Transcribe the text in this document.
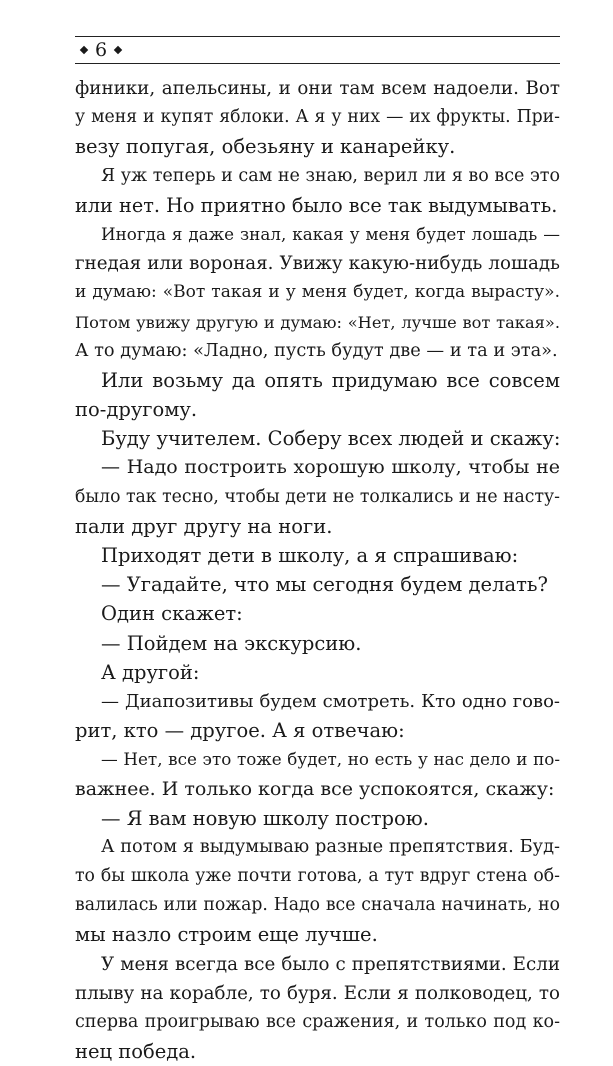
6
финики, апельсины, и они там всем надоели. Вот
у меня и купят яблоки. А я у них — их фрукты. При-
везу попугая, обезьяну и канарейку.
Я уж теперь и сам не знаю, верил ли я во все это
или нет. Но приятно было все так выдумывать.
Иногда я даже знал, какая у меня будет лошадь —
гнедая или вороная. Увижу какую-нибудь лошадь
и думаю: «Вот такая и у меня будет, когда вырасту».
Потом увижу другую и думаю: «Нет, лучше вот такая».
А то думаю: «Ладно, пусть будут две — и та и эта».
Или возьму да опять придумаю все совсем
по-другому.
Буду учителем. Соберу всех людей и скажу:
— Надо построить хорошую школу, чтобы не
было так тесно, чтобы дети не толкались и не насту-
пали друг другу на ноги.
Приходят дети в школу, а я спрашиваю:
— Угадайте, что мы сегодня будем делать?
Один скажет:
— Пойдем на экскурсию.
А другой:
— Диапозитивы будем смотреть. Кто одно гово-
рит, кто — другое. А я отвечаю:
— Нет, все это тоже будет, но есть у нас дело и по-
важнее. И только когда все успокоятся, скажу:
— Я вам новую школу построю.
А потом я выдумываю разные препятствия. Буд-
то бы школа уже почти готова, а тут вдруг стена об-
валилась или пожар. Надо все сначала начинать, но
мы назло строим еще лучше.
У меня всегда все было с препятствиями. Если
плыву на корабле, то буря. Если я полководец, то
сперва проигрываю все сражения, и только под ко-
нец победа.
